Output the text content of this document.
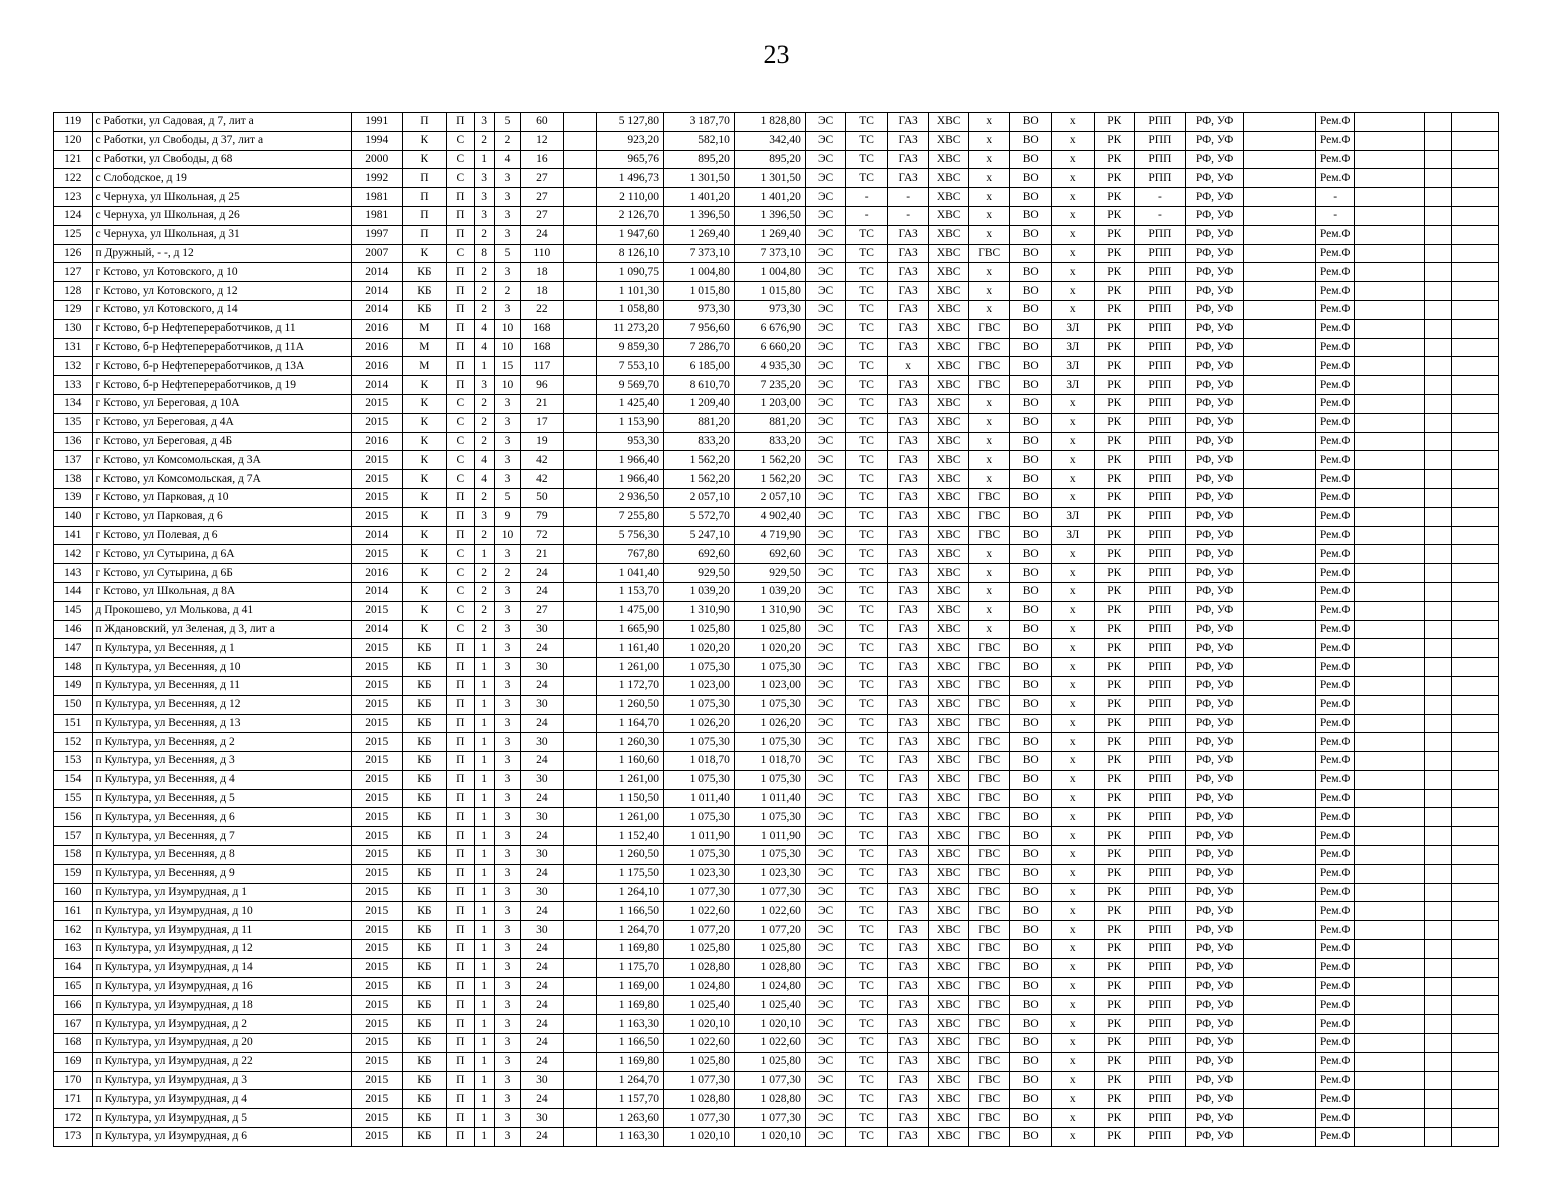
23
119	с Работки, ул Садовая, д 7, лит а	1991	П	П	3	5	60		5 127,80	3 187,70	1 828,80	ЭС	ТС	ГАЗ	ХВС	х	ВО	х	РК	РПП	РФ, УФ		Рем.Ф			
120	с Работки, ул Свободы, д 37, лит а	1994	К	С	2	2	12		923,20	582,10	342,40	ЭС	ТС	ГАЗ	ХВС	х	ВО	х	РК	РПП	РФ, УФ		Рем.Ф			
121	с Работки, ул Свободы, д 68	2000	К	С	1	4	16		965,76	895,20	895,20	ЭС	ТС	ГАЗ	ХВС	х	ВО	х	РК	РПП	РФ, УФ		Рем.Ф			
122	с Слободское, д 19	1992	П	С	3	3	27		1 496,73	1 301,50	1 301,50	ЭС	ТС	ГАЗ	ХВС	х	ВО	х	РК	РПП	РФ, УФ		Рем.Ф			
123	с Чернуха, ул Школьная, д 25	1981	П	П	3	3	27		2 110,00	1 401,20	1 401,20	ЭС	-	-	ХВС	х	ВО	х	РК	-	РФ, УФ		-			
124	с Чернуха, ул Школьная, д 26	1981	П	П	3	3	27		2 126,70	1 396,50	1 396,50	ЭС	-	-	ХВС	х	ВО	х	РК	-	РФ, УФ		-			
125	с Чернуха, ул Школьная, д 31	1997	П	П	2	3	24		1 947,60	1 269,40	1 269,40	ЭС	ТС	ГАЗ	ХВС	х	ВО	х	РК	РПП	РФ, УФ		Рем.Ф			
126	п Дружный, - -, д 12	2007	К	С	8	5	110		8 126,10	7 373,10	7 373,10	ЭС	ТС	ГАЗ	ХВС	ГВС	ВО	х	РК	РПП	РФ, УФ		Рем.Ф			
127	г Кстово, ул Котовского, д 10	2014	КБ	П	2	3	18		1 090,75	1 004,80	1 004,80	ЭС	ТС	ГАЗ	ХВС	х	ВО	х	РК	РПП	РФ, УФ		Рем.Ф			
128	г Кстово, ул Котовского, д 12	2014	КБ	П	2	2	18		1 101,30	1 015,80	1 015,80	ЭС	ТС	ГАЗ	ХВС	х	ВО	х	РК	РПП	РФ, УФ		Рем.Ф			
129	г Кстово, ул Котовского, д 14	2014	КБ	П	2	3	22		1 058,80	973,30	973,30	ЭС	ТС	ГАЗ	ХВС	х	ВО	х	РК	РПП	РФ, УФ		Рем.Ф			
130	г Кстово, б-р Нефтепереработчиков, д 11	2016	М	П	4	10	168		11 273,20	7 956,60	6 676,90	ЭС	ТС	ГАЗ	ХВС	ГВС	ВО	ЗЛ	РК	РПП	РФ, УФ		Рем.Ф			
131	г Кстово, б-р Нефтепереработчиков, д 11А	2016	М	П	4	10	168		9 859,30	7 286,70	6 660,20	ЭС	ТС	ГАЗ	ХВС	ГВС	ВО	ЗЛ	РК	РПП	РФ, УФ		Рем.Ф			
132	г Кстово, б-р Нефтепереработчиков, д 13А	2016	М	П	1	15	117		7 553,10	6 185,00	4 935,30	ЭС	ТС	х	ХВС	ГВС	ВО	ЗЛ	РК	РПП	РФ, УФ		Рем.Ф			
133	г Кстово, б-р Нефтепереработчиков, д 19	2014	К	П	3	10	96		9 569,70	8 610,70	7 235,20	ЭС	ТС	ГАЗ	ХВС	ГВС	ВО	ЗЛ	РК	РПП	РФ, УФ		Рем.Ф			
134	г Кстово, ул Береговая, д 10А	2015	К	С	2	3	21		1 425,40	1 209,40	1 203,00	ЭС	ТС	ГАЗ	ХВС	х	ВО	х	РК	РПП	РФ, УФ		Рем.Ф			
135	г Кстово, ул Береговая, д 4А	2015	К	С	2	3	17		1 153,90	881,20	881,20	ЭС	ТС	ГАЗ	ХВС	х	ВО	х	РК	РПП	РФ, УФ		Рем.Ф			
136	г Кстово, ул Береговая, д 4Б	2016	К	С	2	3	19		953,30	833,20	833,20	ЭС	ТС	ГАЗ	ХВС	х	ВО	х	РК	РПП	РФ, УФ		Рем.Ф			
137	г Кстово, ул Комсомольская, д 3А	2015	К	С	4	3	42		1 966,40	1 562,20	1 562,20	ЭС	ТС	ГАЗ	ХВС	х	ВО	х	РК	РПП	РФ, УФ		Рем.Ф			
138	г Кстово, ул Комсомольская, д 7А	2015	К	С	4	3	42		1 966,40	1 562,20	1 562,20	ЭС	ТС	ГАЗ	ХВС	х	ВО	х	РК	РПП	РФ, УФ		Рем.Ф			
139	г Кстово, ул Парковая, д 10	2015	К	П	2	5	50		2 936,50	2 057,10	2 057,10	ЭС	ТС	ГАЗ	ХВС	ГВС	ВО	х	РК	РПП	РФ, УФ		Рем.Ф			
140	г Кстово, ул Парковая, д 6	2015	К	П	3	9	79		7 255,80	5 572,70	4 902,40	ЭС	ТС	ГАЗ	ХВС	ГВС	ВО	ЗЛ	РК	РПП	РФ, УФ		Рем.Ф			
141	г Кстово, ул Полевая, д 6	2014	К	П	2	10	72		5 756,30	5 247,10	4 719,90	ЭС	ТС	ГАЗ	ХВС	ГВС	ВО	ЗЛ	РК	РПП	РФ, УФ		Рем.Ф			
142	г Кстово, ул Сутырина, д 6А	2015	К	С	1	3	21		767,80	692,60	692,60	ЭС	ТС	ГАЗ	ХВС	х	ВО	х	РК	РПП	РФ, УФ		Рем.Ф			
143	г Кстово, ул Сутырина, д 6Б	2016	К	С	2	2	24		1 041,40	929,50	929,50	ЭС	ТС	ГАЗ	ХВС	х	ВО	х	РК	РПП	РФ, УФ		Рем.Ф			
144	г Кстово, ул Школьная, д 8А	2014	К	С	2	3	24		1 153,70	1 039,20	1 039,20	ЭС	ТС	ГАЗ	ХВС	х	ВО	х	РК	РПП	РФ, УФ		Рем.Ф			
145	д Прокошево, ул Молькова, д 41	2015	К	С	2	3	27		1 475,00	1 310,90	1 310,90	ЭС	ТС	ГАЗ	ХВС	х	ВО	х	РК	РПП	РФ, УФ		Рем.Ф			
146	п Ждановский, ул Зеленая, д 3, лит а	2014	К	С	2	3	30		1 665,90	1 025,80	1 025,80	ЭС	ТС	ГАЗ	ХВС	х	ВО	х	РК	РПП	РФ, УФ		Рем.Ф			
147	п Культура, ул Весенняя, д 1	2015	КБ	П	1	3	24		1 161,40	1 020,20	1 020,20	ЭС	ТС	ГАЗ	ХВС	ГВС	ВО	х	РК	РПП	РФ, УФ		Рем.Ф			
148	п Культура, ул Весенняя, д 10	2015	КБ	П	1	3	30		1 261,00	1 075,30	1 075,30	ЭС	ТС	ГАЗ	ХВС	ГВС	ВО	х	РК	РПП	РФ, УФ		Рем.Ф			
149	п Культура, ул Весенняя, д 11	2015	КБ	П	1	3	24		1 172,70	1 023,00	1 023,00	ЭС	ТС	ГАЗ	ХВС	ГВС	ВО	х	РК	РПП	РФ, УФ		Рем.Ф			
150	п Культура, ул Весенняя, д 12	2015	КБ	П	1	3	30		1 260,50	1 075,30	1 075,30	ЭС	ТС	ГАЗ	ХВС	ГВС	ВО	х	РК	РПП	РФ, УФ		Рем.Ф			
151	п Культура, ул Весенняя, д 13	2015	КБ	П	1	3	24		1 164,70	1 026,20	1 026,20	ЭС	ТС	ГАЗ	ХВС	ГВС	ВО	х	РК	РПП	РФ, УФ		Рем.Ф			
152	п Культура, ул Весенняя, д 2	2015	КБ	П	1	3	30		1 260,30	1 075,30	1 075,30	ЭС	ТС	ГАЗ	ХВС	ГВС	ВО	х	РК	РПП	РФ, УФ		Рем.Ф			
153	п Культура, ул Весенняя, д 3	2015	КБ	П	1	3	24		1 160,60	1 018,70	1 018,70	ЭС	ТС	ГАЗ	ХВС	ГВС	ВО	х	РК	РПП	РФ, УФ		Рем.Ф			
154	п Культура, ул Весенняя, д 4	2015	КБ	П	1	3	30		1 261,00	1 075,30	1 075,30	ЭС	ТС	ГАЗ	ХВС	ГВС	ВО	х	РК	РПП	РФ, УФ		Рем.Ф			
155	п Культура, ул Весенняя, д 5	2015	КБ	П	1	3	24		1 150,50	1 011,40	1 011,40	ЭС	ТС	ГАЗ	ХВС	ГВС	ВО	х	РК	РПП	РФ, УФ		Рем.Ф			
156	п Культура, ул Весенняя, д 6	2015	КБ	П	1	3	30		1 261,00	1 075,30	1 075,30	ЭС	ТС	ГАЗ	ХВС	ГВС	ВО	х	РК	РПП	РФ, УФ		Рем.Ф			
157	п Культура, ул Весенняя, д 7	2015	КБ	П	1	3	24		1 152,40	1 011,90	1 011,90	ЭС	ТС	ГАЗ	ХВС	ГВС	ВО	х	РК	РПП	РФ, УФ		Рем.Ф			
158	п Культура, ул Весенняя, д 8	2015	КБ	П	1	3	30		1 260,50	1 075,30	1 075,30	ЭС	ТС	ГАЗ	ХВС	ГВС	ВО	х	РК	РПП	РФ, УФ		Рем.Ф			
159	п Культура, ул Весенняя, д 9	2015	КБ	П	1	3	24		1 175,50	1 023,30	1 023,30	ЭС	ТС	ГАЗ	ХВС	ГВС	ВО	х	РК	РПП	РФ, УФ		Рем.Ф			
160	п Культура, ул Изумрудная, д 1	2015	КБ	П	1	3	30		1 264,10	1 077,30	1 077,30	ЭС	ТС	ГАЗ	ХВС	ГВС	ВО	х	РК	РПП	РФ, УФ		Рем.Ф			
161	п Культура, ул Изумрудная, д 10	2015	КБ	П	1	3	24		1 166,50	1 022,60	1 022,60	ЭС	ТС	ГАЗ	ХВС	ГВС	ВО	х	РК	РПП	РФ, УФ		Рем.Ф			
162	п Культура, ул Изумрудная, д 11	2015	КБ	П	1	3	30		1 264,70	1 077,20	1 077,20	ЭС	ТС	ГАЗ	ХВС	ГВС	ВО	х	РК	РПП	РФ, УФ		Рем.Ф			
163	п Культура, ул Изумрудная, д 12	2015	КБ	П	1	3	24		1 169,80	1 025,80	1 025,80	ЭС	ТС	ГАЗ	ХВС	ГВС	ВО	х	РК	РПП	РФ, УФ		Рем.Ф			
164	п Культура, ул Изумрудная, д 14	2015	КБ	П	1	3	24		1 175,70	1 028,80	1 028,80	ЭС	ТС	ГАЗ	ХВС	ГВС	ВО	х	РК	РПП	РФ, УФ		Рем.Ф			
165	п Культура, ул Изумрудная, д 16	2015	КБ	П	1	3	24		1 169,00	1 024,80	1 024,80	ЭС	ТС	ГАЗ	ХВС	ГВС	ВО	х	РК	РПП	РФ, УФ		Рем.Ф			
166	п Культура, ул Изумрудная, д 18	2015	КБ	П	1	3	24		1 169,80	1 025,40	1 025,40	ЭС	ТС	ГАЗ	ХВС	ГВС	ВО	х	РК	РПП	РФ, УФ		Рем.Ф			
167	п Культура, ул Изумрудная, д 2	2015	КБ	П	1	3	24		1 163,30	1 020,10	1 020,10	ЭС	ТС	ГАЗ	ХВС	ГВС	ВО	х	РК	РПП	РФ, УФ		Рем.Ф			
168	п Культура, ул Изумрудная, д 20	2015	КБ	П	1	3	24		1 166,50	1 022,60	1 022,60	ЭС	ТС	ГАЗ	ХВС	ГВС	ВО	х	РК	РПП	РФ, УФ		Рем.Ф			
169	п Культура, ул Изумрудная, д 22	2015	КБ	П	1	3	24		1 169,80	1 025,80	1 025,80	ЭС	ТС	ГАЗ	ХВС	ГВС	ВО	х	РК	РПП	РФ, УФ		Рем.Ф			
170	п Культура, ул Изумрудная, д 3	2015	КБ	П	1	3	30		1 264,70	1 077,30	1 077,30	ЭС	ТС	ГАЗ	ХВС	ГВС	ВО	х	РК	РПП	РФ, УФ		Рем.Ф			
171	п Культура, ул Изумрудная, д 4	2015	КБ	П	1	3	24		1 157,70	1 028,80	1 028,80	ЭС	ТС	ГАЗ	ХВС	ГВС	ВО	х	РК	РПП	РФ, УФ		Рем.Ф			
172	п Культура, ул Изумрудная, д 5	2015	КБ	П	1	3	30		1 263,60	1 077,30	1 077,30	ЭС	ТС	ГАЗ	ХВС	ГВС	ВО	х	РК	РПП	РФ, УФ		Рем.Ф			
173	п Культура, ул Изумрудная, д 6	2015	КБ	П	1	3	24		1 163,30	1 020,10	1 020,10	ЭС	ТС	ГАЗ	ХВС	ГВС	ВО	х	РК	РПП	РФ, УФ		Рем.Ф			
